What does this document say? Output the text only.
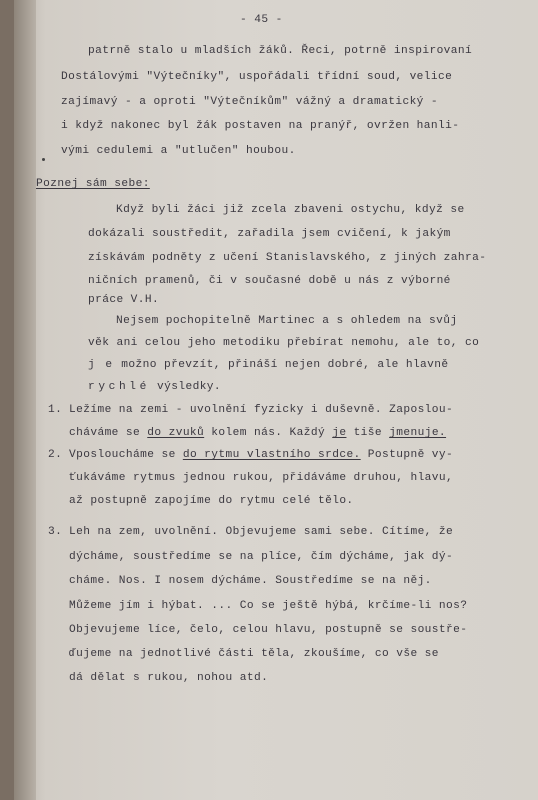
- 45 -
patrně stalo u mladších žáků. Řeci, potrně inspirovaní
Dostálovými "Výtečníky", uspořádali třídní soud, velice
zajímavý - a oproti "Výtečníkům" vážný a dramatický -
i když nakonec byl žák postaven na pranýř, ovržen hanli-
vými cedulemi a "utlučen" houbou.
Poznej sám sebe:
Když byli žáci již zcela zbaveni ostychu, když se
dokázali soustředit, zařadila jsem cvičení, k jakým
získávám podněty z učení Stanislavského, z jiných zahra-
ničních pramenů, či v současné době u nás z výborné
práce V.H.
Nejsem pochopitelně Martinec a s ohledem na svůj
věk ani celou jeho metodiku přebírat nemohu, ale to, co
j e možno převzít, přináší nejen dobré, ale hlavně
rychlé výsledky.
1. Ležíme na zemi - uvolnění fyzicky i duševně. Zaposlou-
cháváme se do zvuků kolem nás. Každý je tiše jmenuje.
2. Vposloucháme se do rytmu vlastního srdce. Postupně vy-
ťukáváme rytmus jednou rukou, přidáváme druhou, hlavu,
až postupně zapojíme do rytmu celé tělo.
3. Leh na zem, uvolnění. Objevujeme sami sebe. Cítíme, že
dýcháme, soustředíme se na plíce, čím dýcháme, jak dý-
cháme. Nos. I nosem dýcháme. Soustředíme se na něj.
Můžeme jím i hýbat. ... Co se ještě hýbá, krčíme-li nos?
Objevujeme líce, čelo, celou hlavu, postupně se soustře-
ďujeme na jednotlivé části těla, zkoušíme, co vše se
dá dělat s rukou, nohou atd.
